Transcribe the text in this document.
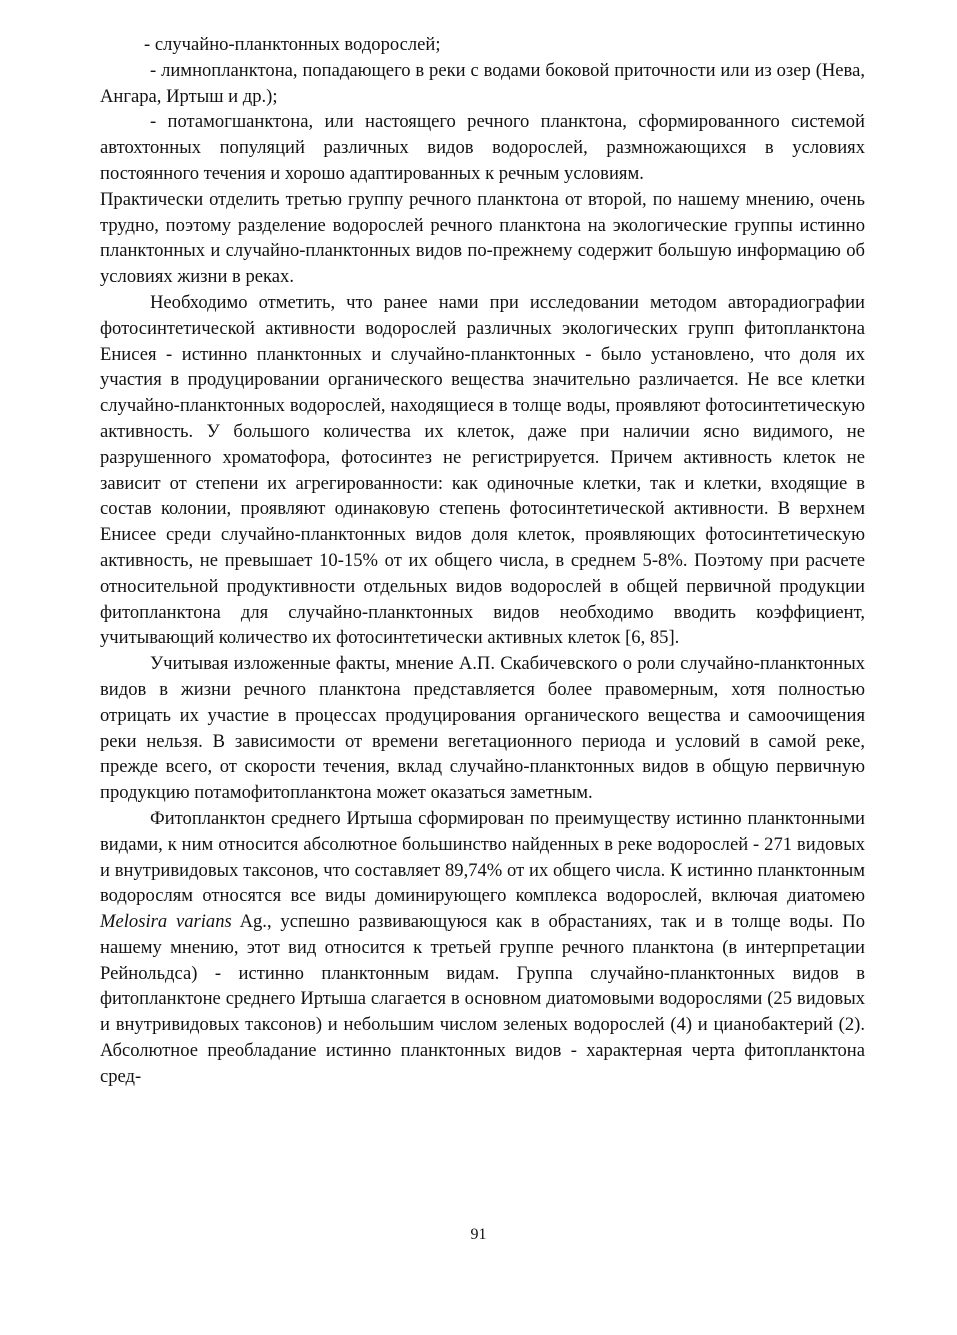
- случайно-планктонных водорослей;

- лимнопланктона, попадающего в реки с водами боковой приточности или из озер (Нева, Ангара, Иртыш и др.);

- потамогшанктона, или настоящего речного планктона, сформированного системой автохтонных популяций различных видов водорослей, размножающихся в условиях постоянного течения и хорошо адаптированных к речным условиям.

Практически отделить третью группу речного планктона от второй, по нашему мнению, очень трудно, поэтому разделение водорослей речного планктона на экологические группы истинно планктонных и случайно-планктонных видов по-прежнему содержит большую информацию об условиях жизни в реках.

Необходимо отметить, что ранее нами при исследовании методом авторадиографии фотосинтетической активности водорослей различных экологических групп фитопланктона Енисея - истинно планктонных и случайно-планктонных - было установлено, что доля их участия в продуцировании органического вещества значительно различается. Не все клетки случайно-планктонных водорослей, находящиеся в толще воды, проявляют фотосинтетическую активность. У большого количества их клеток, даже при наличии ясно видимого, не разрушенного хроматофора, фотосинтез не регистрируется. Причем активность клеток не зависит от степени их агрегированности: как одиночные клетки, так и клетки, входящие в состав колонии, проявляют одинаковую степень фотосинтетической активности. В верхнем Енисее среди случайно-планктонных видов доля клеток, проявляющих фотосинтетическую активность, не превышает 10-15% от их общего числа, в среднем 5-8%. Поэтому при расчете относительной продуктивности отдельных видов водорослей в общей первичной продукции фитопланктона для случайно-планктонных видов необходимо вводить коэффициент, учитывающий количество их фотосинтетически активных клеток [6, 85].

Учитывая изложенные факты, мнение А.П. Скабичевского о роли случайно-планктонных видов в жизни речного планктона представляется более правомерным, хотя полностью отрицать их участие в процессах продуцирования органического вещества и самоочищения реки нельзя. В зависимости от времени вегетационного периода и условий в самой реке, прежде всего, от скорости течения, вклад случайно-планктонных видов в общую первичную продукцию потамофитопланктона может оказаться заметным.

Фитопланктон среднего Иртыша сформирован по преимуществу истинно планктонными видами, к ним относится абсолютное большинство найденных в реке водорослей - 271 видовых и внутривидовых таксонов, что составляет 89,74% от их общего числа. К истинно планктонным водорослям относятся все виды доминирующего комплекса водорослей, включая диатомею Melosira varians Ag., успешно развивающуюся как в обрастаниях, так и в толще воды. По нашему мнению, этот вид относится к третьей группе речного планктона (в интерпретации Рейнольдса) - истинно планктонным видам. Группа случайно-планктонных видов в фитопланктоне среднего Иртыша слагается в основном диатомовыми водорослями (25 видовых и внутривидовых таксонов) и небольшим числом зеленых водорослей (4) и цианобактерий (2). Абсолютное преобладание истинно планктонных видов - характерная черта фитопланктона сред-

91
